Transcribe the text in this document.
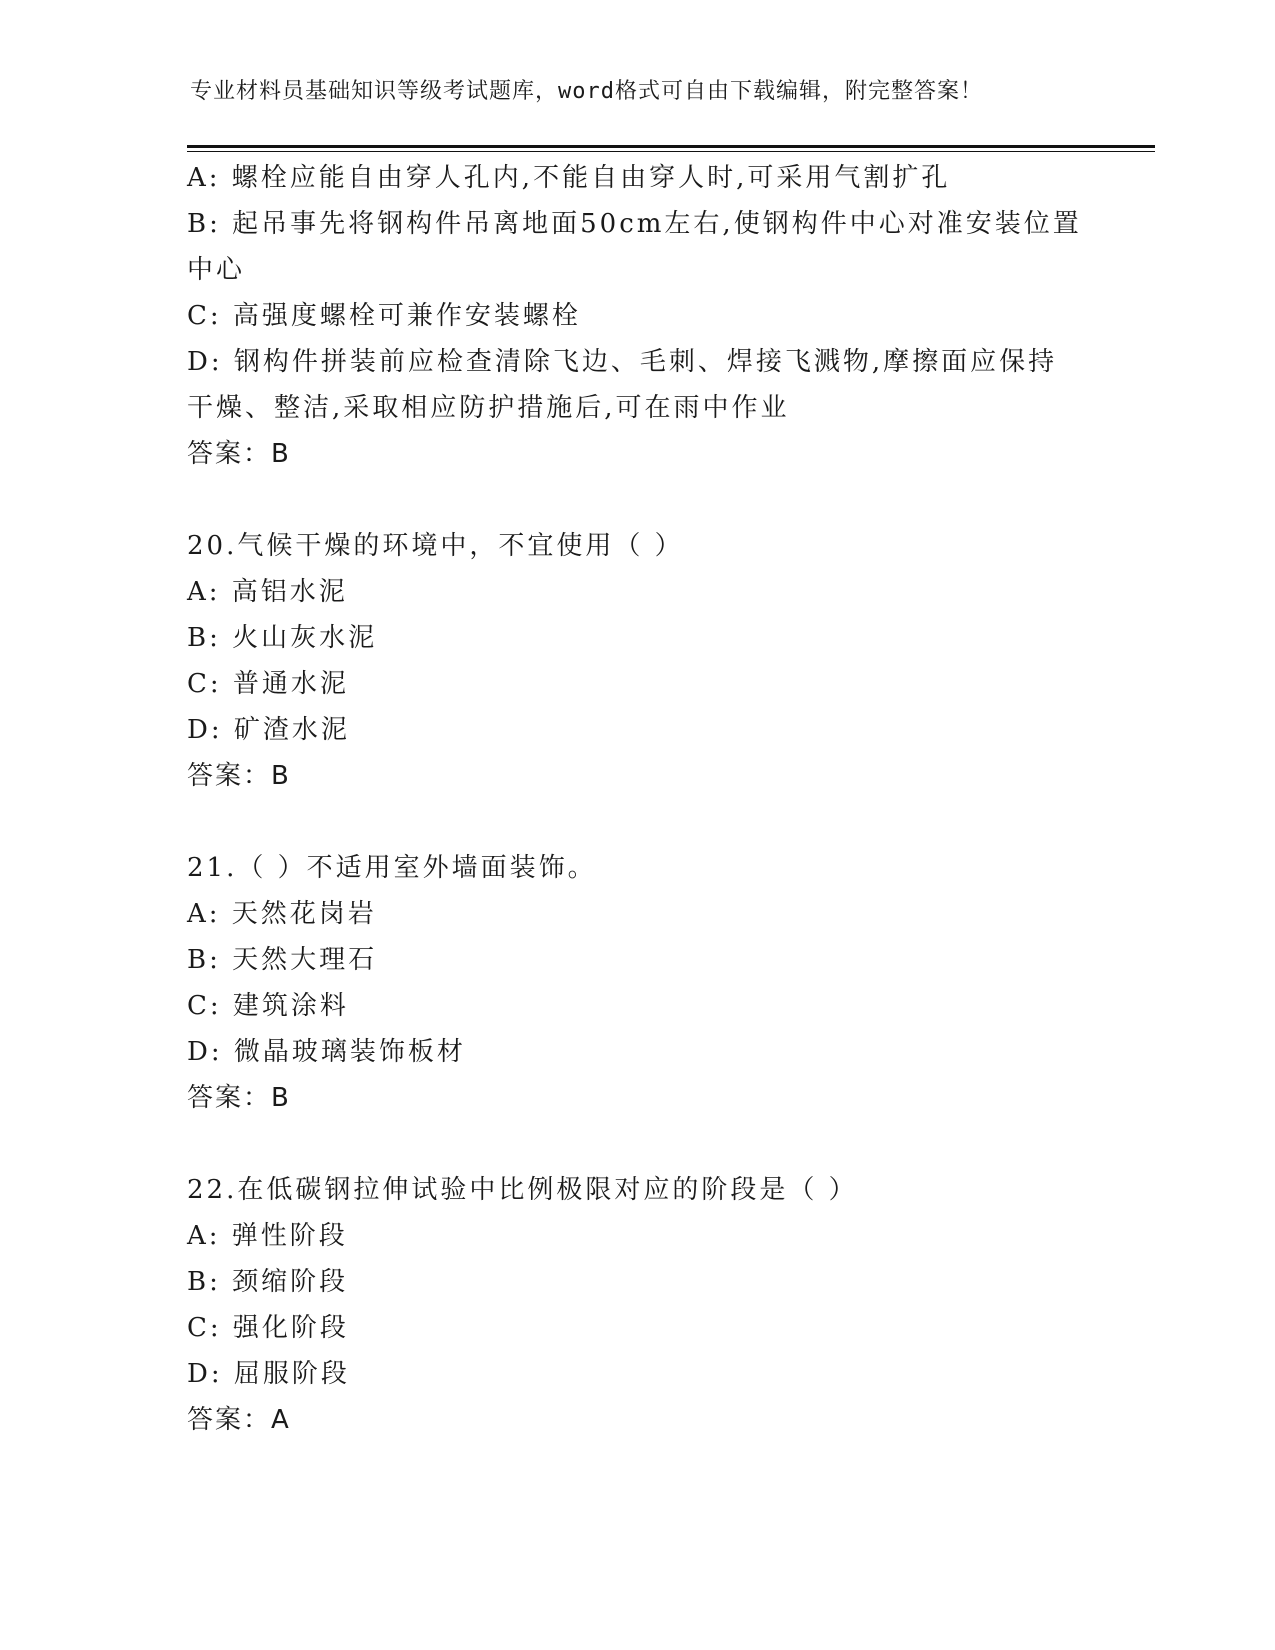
专业材料员基础知识等级考试题库，word格式可自由下载编辑，附完整答案！
A: 螺栓应能自由穿人孔内,不能自由穿人时,可采用气割扩孔
B: 起吊事先将钢构件吊离地面50cm左右,使钢构件中心对准安装位置
中心
C: 高强度螺栓可兼作安装螺栓
D: 钢构件拼装前应检查清除飞边、毛刺、焊接飞溅物,摩擦面应保持
干燥、整洁,采取相应防护措施后,可在雨中作业
答案：B
20.气候干燥的环境中，不宜使用（ ）
A: 高铝水泥
B: 火山灰水泥
C: 普通水泥
D: 矿渣水泥
答案：B
21.（ ）不适用室外墙面装饰。
A: 天然花岗岩
B: 天然大理石
C: 建筑涂料
D: 微晶玻璃装饰板材
答案：B
22.在低碳钢拉伸试验中比例极限对应的阶段是（ ）
A: 弹性阶段
B: 颈缩阶段
C: 强化阶段
D: 屈服阶段
答案：A
